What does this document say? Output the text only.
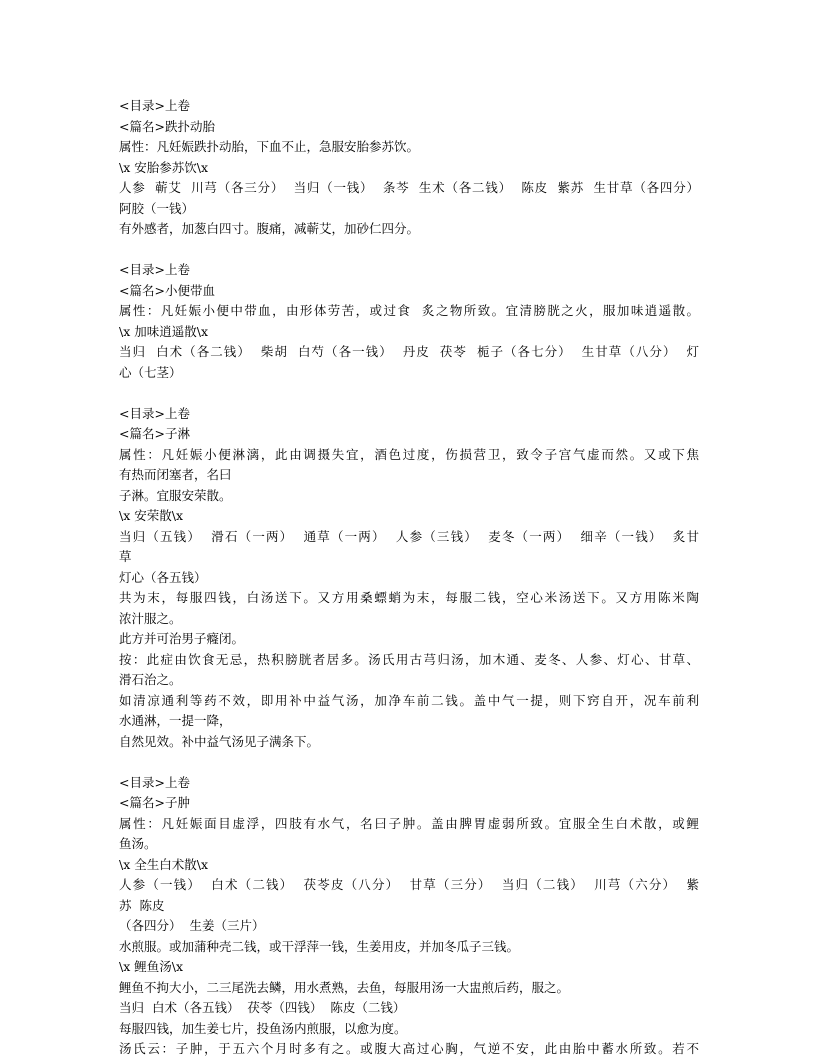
<目录>上卷
<篇名>跌扑动胎
属性：凡妊娠跌扑动胎，下血不止，急服安胎参苏饮。
\x 安胎参苏饮\x
人参  蕲艾  川芎（各三分）  当归（一钱）  条芩  生术（各二钱）  陈皮  紫苏  生甘草（各四分）
阿胶（一钱）
有外感者，加葱白四寸。腹痛，减蕲艾，加砂仁四分。
<目录>上卷
<篇名>小便带血
属性：凡妊娠小便中带血，由形体劳苦，或过食  炙之物所致。宜清膀胱之火，服加味逍遥散。
\x 加味逍遥散\x
当归  白术（各二钱）  柴胡  白芍（各一钱）  丹皮  茯苓  栀子（各七分）  生甘草（八分）  灯
心（七茎）
<目录>上卷
<篇名>子淋
属性：凡妊娠小便淋漓，此由调摄失宜，酒色过度，伤损营卫，致令子宫气虚而然。又或下焦
有热而闭塞者，名曰
子淋。宜服安荣散。
\x 安荣散\x
当归（五钱）  滑石（一两）  通草（一两）  人参（三钱）  麦冬（一两）  细辛（一钱）  炙甘
草
灯心（各五钱）
共为末，每服四钱，白汤送下。又方用桑螵蛸为末，每服二钱，空心米汤送下。又方用陈米陶
浓汁服之。
此方并可治男子癃闭。
按：此症由饮食无忌，热积膀胱者居多。汤氏用古芎归汤，加木通、麦冬、人参、灯心、甘草、
滑石治之。
如清凉通利等药不效，即用补中益气汤，加净车前二钱。盖中气一提，则下窍自开，况车前利
水通淋，一提一降，
自然见效。补中益气汤见子满条下。
<目录>上卷
<篇名>子肿
属性：凡妊娠面目虚浮，四肢有水气，名曰子肿。盖由脾胃虚弱所致。宜服全生白术散，或鲤
鱼汤。
\x 全生白术散\x
人参（一钱）  白术（二钱）  茯苓皮（八分）  甘草（三分）  当归（二钱）  川芎（六分）  紫
苏  陈皮
（各四分）  生姜（三片）
水煎服。或加蒲种壳二钱，或干浮萍一钱，生姜用皮，并加冬瓜子三钱。
\x 鲤鱼汤\x
鲤鱼不拘大小，二三尾洗去鳞，用水煮熟，去鱼，每服用汤一大盅煎后药，服之。
当归  白术（各五钱）  茯苓（四钱）  陈皮（二钱）
每服四钱，加生姜七片，投鱼汤内煎服，以愈为度。
汤氏云：子肿，于五六个月时多有之。或腹大高过心胸，气逆不安，此由胎中蓄水所致。若不
